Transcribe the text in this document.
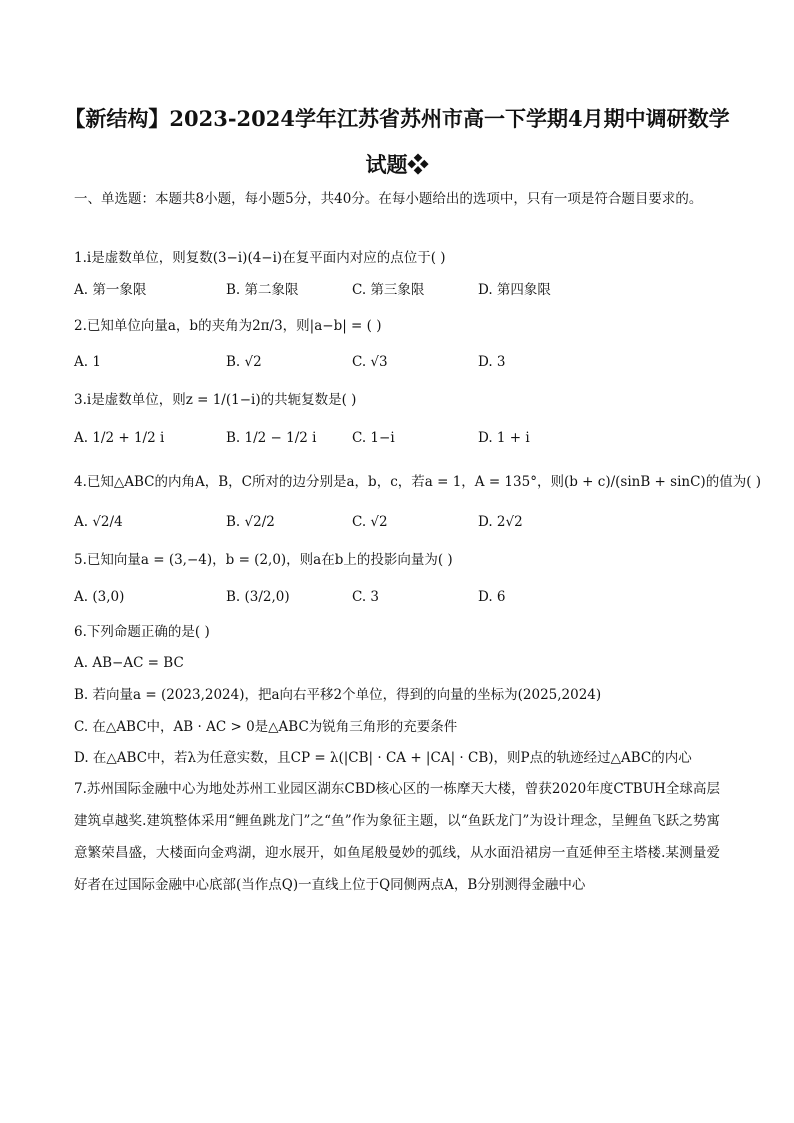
【新结构】2023-2024学年江苏省苏州市高一下学期4月期中调研数学试题❖
一、单选题：本题共8小题，每小题5分，共40分。在每小题给出的选项中，只有一项是符合题目要求的。
1.i是虚数单位，则复数(3−i)(4−i)在复平面内对应的点位于( )
A. 第一象限	B. 第二象限	C. 第三象限	D. 第四象限
2.已知单位向量a，b的夹角为2π/3，则|a−b| = ( )
A. 1	B. √2	C. √3	D. 3
3.i是虚数单位，则z = 1/(1−i)的共轭复数是( )
A. 1/2 + 1/2 i	B. 1/2 − 1/2 i	C. 1−i	D. 1 + i
4.已知△ABC的内角A，B，C所对的边分别是a，b，c，若a = 1，A = 135°，则(b + c)/(sinB + sinC)的值为( )
A. √2/4	B. √2/2	C. √2	D. 2√2
5.已知向量a = (3,−4)，b = (2,0)，则a在b上的投影向量为( )
A. (3,0)	B. (3/2,0)	C. 3	D. 6
6.下列命题正确的是( )
A. AB−AC = BC
B. 若向量a = (2023,2024)，把a向右平移2个单位，得到的向量的坐标为(2025,2024)
C. 在△ABC中，AB · AC > 0是△ABC为锐角三角形的充要条件
D. 在△ABC中，若λ为任意实数，且CP = λ(|CB| · CA + |CA| · CB)，则P点的轨迹经过△ABC的内心
7.苏州国际金融中心为地处苏州工业园区湖东CBD核心区的一栋摩天大楼，曾获2020年度CTBUH全球高层建筑卓越奖.建筑整体采用“鲤鱼跳龙门”之“鱼”作为象征主题，以“鱼跃龙门”为设计理念，呈鲤鱼飞跃之势寓意繁荣昌盛，大楼面向金鸡湖，迎水展开，如鱼尾般曼妙的弧线，从水面沿裙房一直延伸至主塔楼.某测量爱好者在过国际金融中心底部(当作点Q)一直线上位于Q同侧两点A，B分别测得金融中心
